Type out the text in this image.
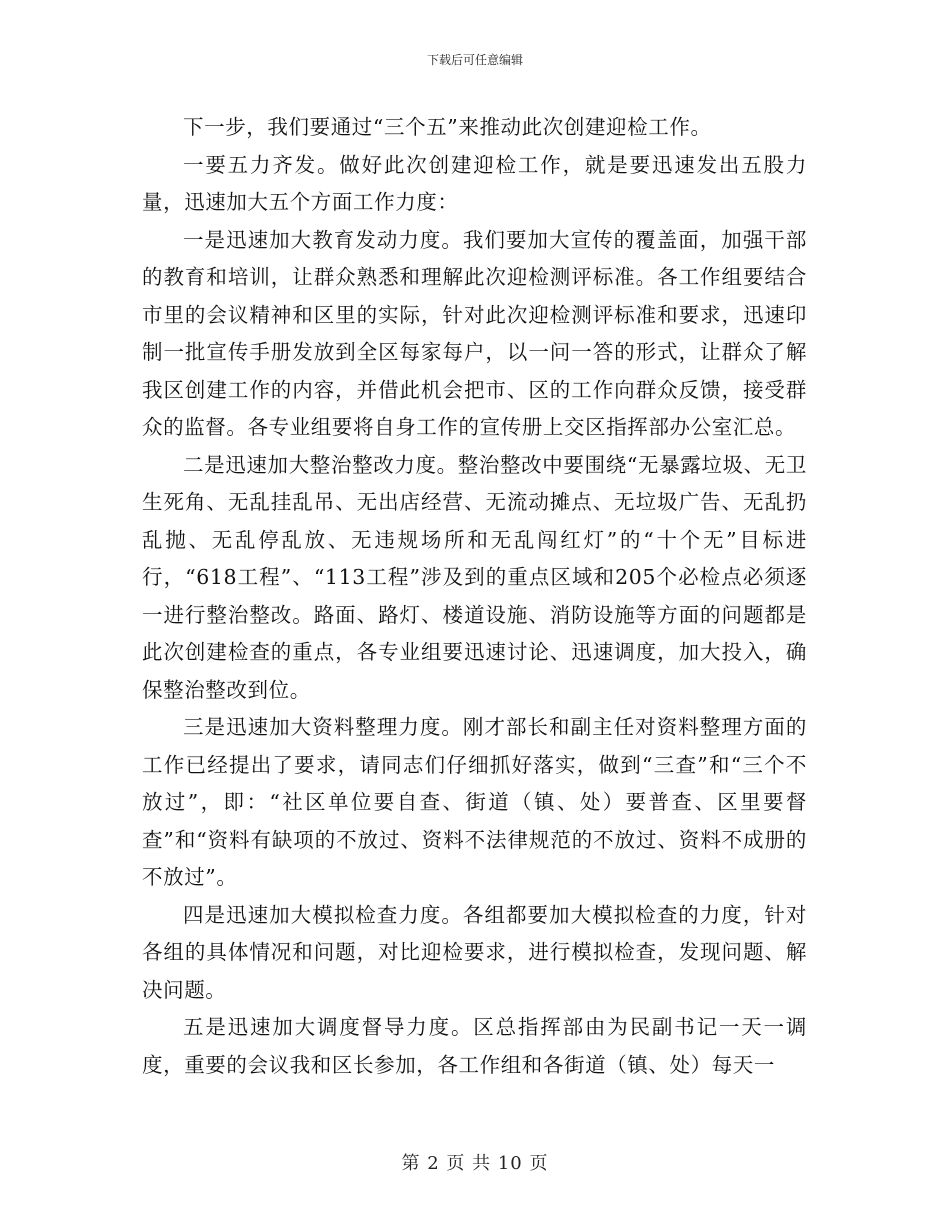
下载后可任意编辑

下一步，我们要通过“三个五”来推动此次创建迎检工作。

一要五力齐发。做好此次创建迎检工作，就是要迅速发出五股力量，迅速加大五个方面工作力度：

一是迅速加大教育发动力度。我们要加大宣传的覆盖面，加强干部的教育和培训，让群众熟悉和理解此次迎检测评标准。各工作组要结合市里的会议精神和区里的实际，针对此次迎检测评标准和要求，迅速印制一批宣传手册发放到全区每家每户，以一问一答的形式，让群众了解我区创建工作的内容，并借此机会把市、区的工作向群众反馈，接受群众的监督。各专业组要将自身工作的宣传册上交区指挥部办公室汇总。

二是迅速加大整治整改力度。整治整改中要围绕“无暴露垃圾、无卫生死角、无乱挂乱吊、无出店经营、无流动摊点、无垃圾广告、无乱扔乱抛、无乱停乱放、无违规场所和无乱闯红灯”的“十个无”目标进行，“618工程”、“113工程”涉及到的重点区域和205个必检点必须逐一进行整治整改。路面、路灯、楼道设施、消防设施等方面的问题都是此次创建检查的重点，各专业组要迅速讨论、迅速调度，加大投入，确保整治整改到位。

三是迅速加大资料整理力度。刚才部长和副主任对资料整理方面的工作已经提出了要求，请同志们仔细抓好落实，做到“三查”和“三个不放过”，即：“社区单位要自查、街道（镇、处）要普查、区里要督查”和“资料有缺项的不放过、资料不法律规范的不放过、资料不成册的不放过”。

四是迅速加大模拟检查力度。各组都要加大模拟检查的力度，针对各组的具体情况和问题，对比迎检要求，进行模拟检查，发现问题、解决问题。

五是迅速加大调度督导力度。区总指挥部由为民副书记一天一调度，重要的会议我和区长参加，各工作组和各街道（镇、处）每天一

第 2 页 共 10 页
